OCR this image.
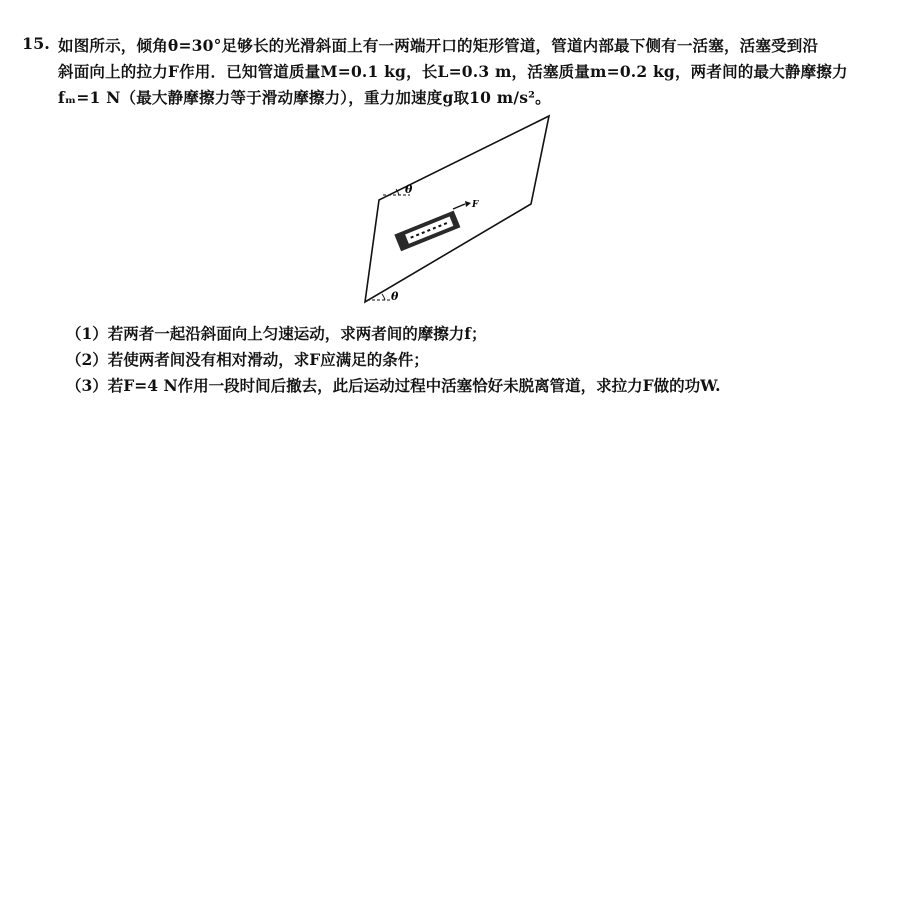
15. 如图所示，倾角θ=30°足够长的光滑斜面上有一两端开口的矩形管道，管道内部最下侧有一活塞，活塞受到沿
斜面向上的拉力F作用．已知管道质量M=0.1 kg，长L=0.3 m，活塞质量m=0.2 kg，两者间的最大静摩擦力
fₘ=1 N（最大静摩擦力等于滑动摩擦力），重力加速度g取10 m/s²。
θ
F
θ
（1）若两者一起沿斜面向上匀速运动，求两者间的摩擦力f；
（2）若使两者间没有相对滑动，求F应满足的条件；
（3）若F=4 N作用一段时间后撤去，此后运动过程中活塞恰好未脱离管道，求拉力F做的功W.
